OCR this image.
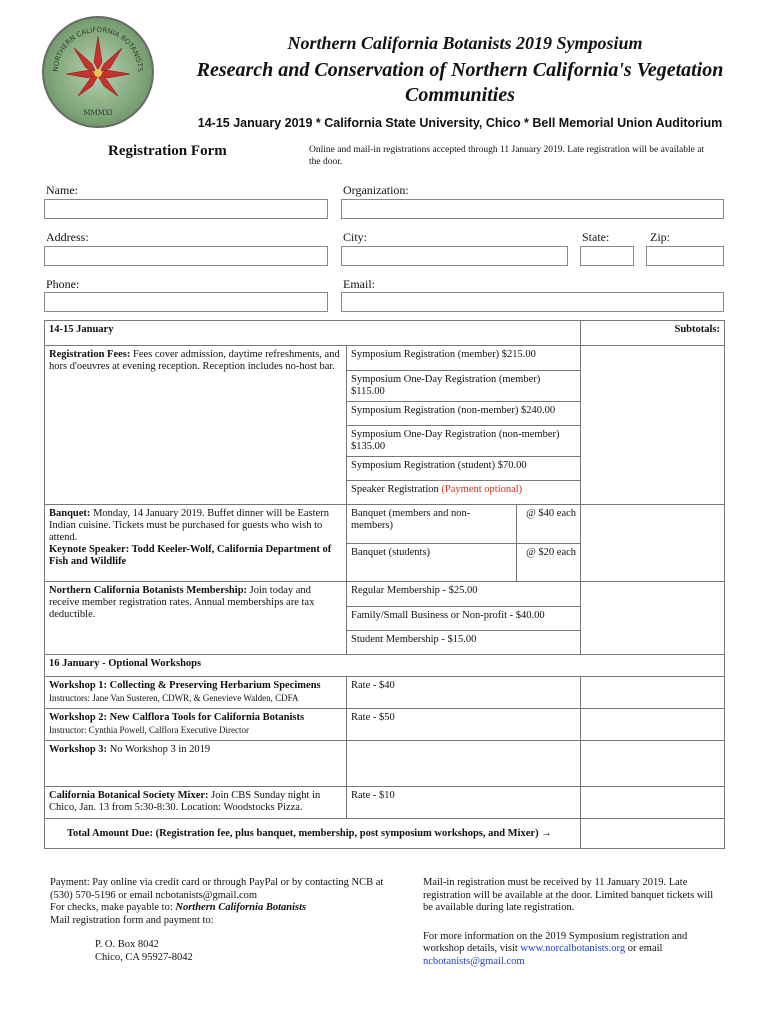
NORTHERN CALIFORNIA BOTANISTS
MMMXI
Northern California Botanists 2019 Symposium
Research and Conservation of Northern California's Vegetation Communities
14-15 January 2019 * California State University, Chico * Bell Memorial Union Auditorium
Registration Form	Online and mail-in registrations accepted through 11 January 2019. Late registration will be available at the door.
Name:	Organization:
Address:	City:	State:	Zip:
Phone:	Email:
14-15 January			Subtotals:
Registration Fees: Fees cover admission, daytime refreshments, and hors d'oeuvres at evening reception. Reception includes no-host bar.	Symposium Registration (member) $215.00		
	Symposium One-Day Registration (member) $115.00		
	Symposium Registration (non-member) $240.00		
	Symposium One-Day Registration (non-member) $135.00		
	Symposium Registration (student) $70.00		
	Speaker Registration (Payment optional)		
Banquet: Monday, 14 January 2019. Buffet dinner will be Eastern Indian cuisine. Tickets must be purchased for guests who wish to attend.
Keynote Speaker: Todd Keeler-Wolf, California Department of Fish and Wildlife	Banquet (members and non-members)	@ $40 each	
	Banquet (students)	@ $20 each	
Northern California Botanists Membership: Join today and receive member registration rates. Annual memberships are tax deductible.	Regular Membership - $25.00		
	Family/Small Business or Non-profit - $40.00		
	Student Membership - $15.00		
16 January - Optional Workshops			
Workshop 1: Collecting & Preserving Herbarium Specimens
Instructors: Jane Van Susteren, CDWR, & Genevieve Walden, CDFA	Rate - $40		
Workshop 2: New Calflora Tools for California Botanists
Instructor: Cynthia Powell, Calflora Executive Director	Rate - $50		
Workshop 3: No Workshop 3 in 2019			
California Botanical Society Mixer: Join CBS Sunday night in Chico, Jan. 13 from 5:30-8:30. Location: Woodstocks Pizza.	Rate - $10		
Total Amount Due: (Registration fee, plus banquet, membership, post symposium workshops, and Mixer) →			
Payment: Pay online via credit card or through PayPal or by contacting NCB at (530) 570-5196 or email ncbotanists@gmail.com
For checks, make payable to: Northern California Botanists
Mail registration form and payment to:
P. O. Box 8042
Chico, CA 95927-8042
Mail-in registration must be received by 11 January 2019. Late registration will be available at the door. Limited banquet tickets will be available during late registration.
For more information on the 2019 Symposium registration and workshop details, visit www.norcalbotanists.org or email
ncbotanists@gmail.com
